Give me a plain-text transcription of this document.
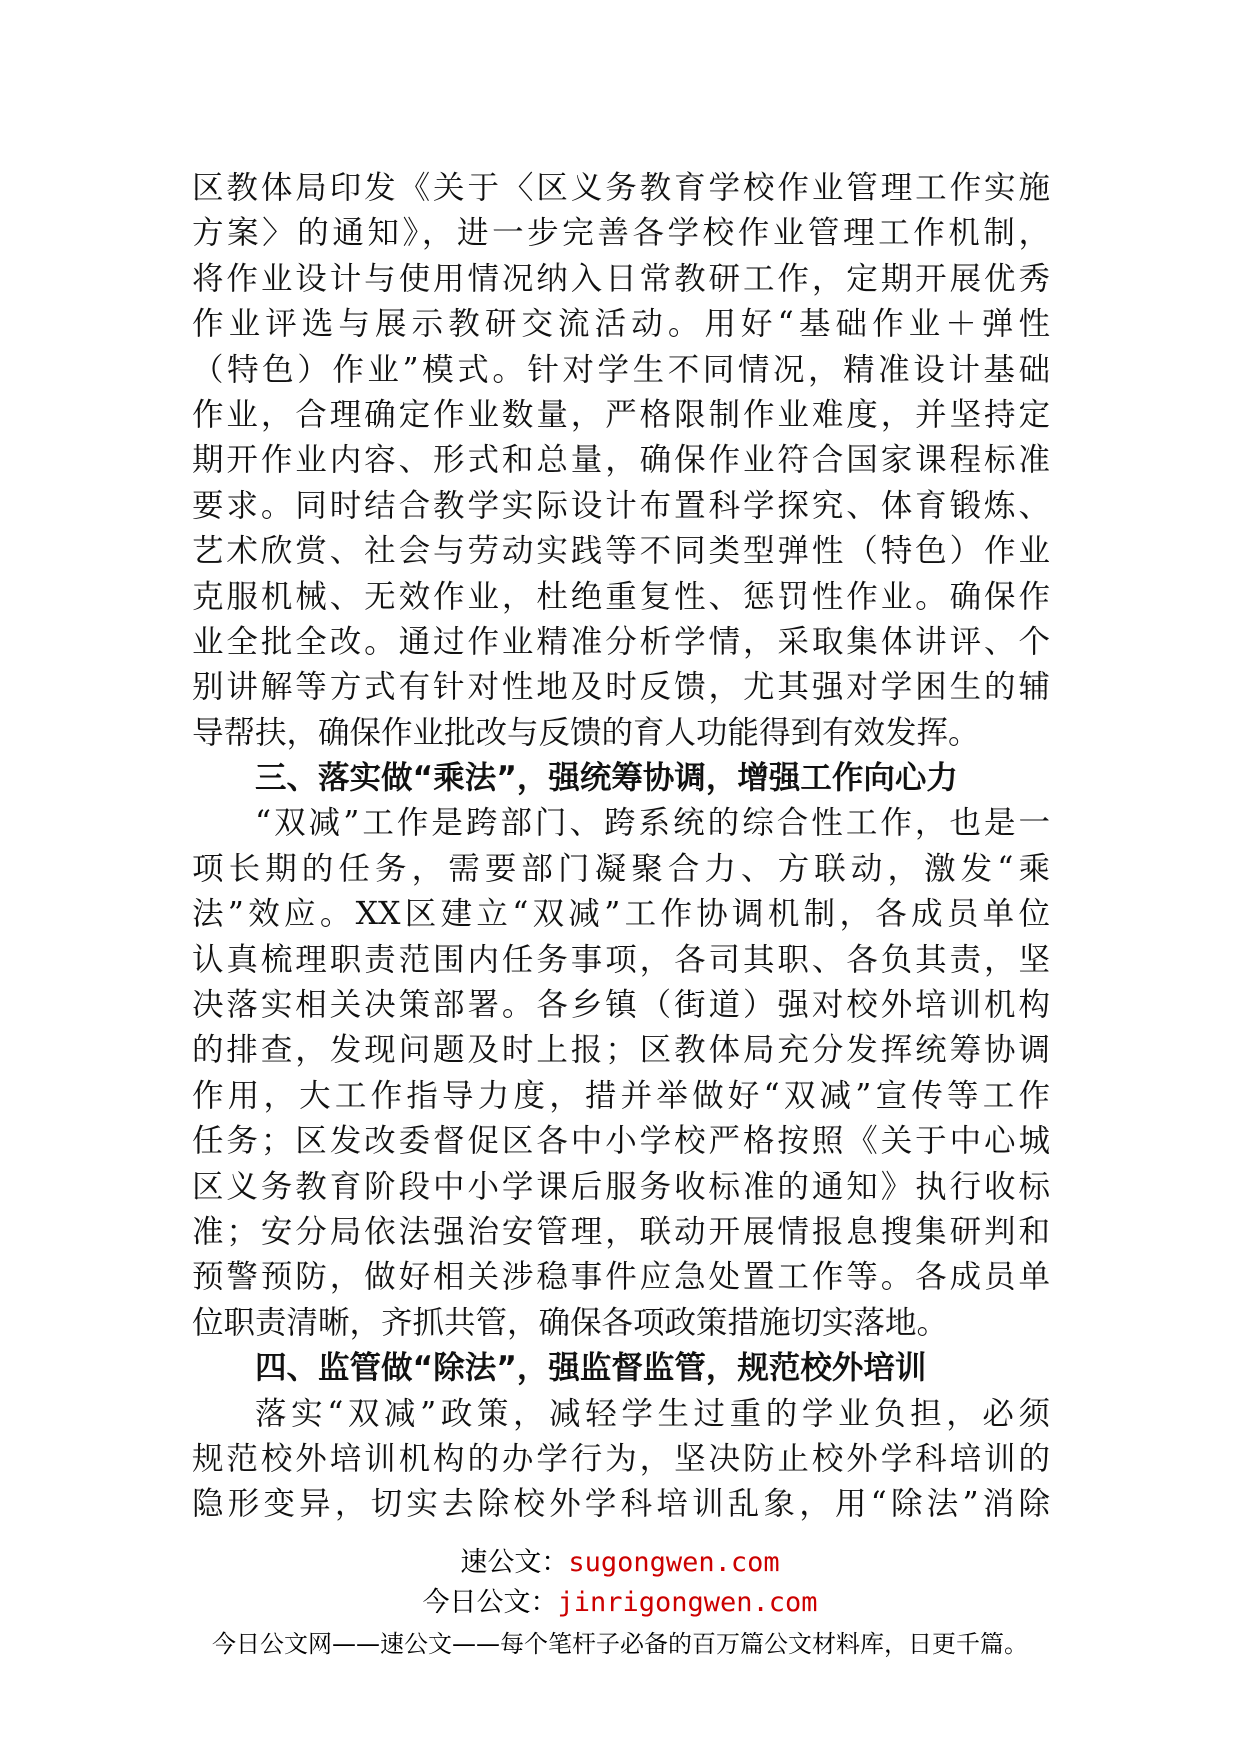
区教体局印发《关于〈区义务教育学校作业管理工作实施
方案〉的通知》，进一步完善各学校作业管理工作机制，
将作业设计与使用情况纳入日常教研工作，定期开展优秀
作业评选与展示教研交流活动。用好“基础作业＋弹性
（特色）作业”模式。针对学生不同情况，精准设计基础
作业，合理确定作业数量，严格限制作业难度，并坚持定
期开作业内容、形式和总量，确保作业符合国家课程标准
要求。同时结合教学实际设计布置科学探究、体育锻炼、
艺术欣赏、社会与劳动实践等不同类型弹性（特色）作业
克服机械、无效作业，杜绝重复性、惩罚性作业。确保作
业全批全改。通过作业精准分析学情，采取集体讲评、个
别讲解等方式有针对性地及时反馈，尤其强对学困生的辅
导帮扶，确保作业批改与反馈的育人功能得到有效发挥。
三、落实做“乘法”，强统筹协调，增强工作向心力
“双减”工作是跨部门、跨系统的综合性工作，也是一
项长期的任务，需要部门凝聚合力、方联动，激发“乘
法”效应。XX区建立“双减”工作协调机制，各成员单位
认真梳理职责范围内任务事项，各司其职、各负其责，坚
决落实相关决策部署。各乡镇（街道）强对校外培训机构
的排查，发现问题及时上报；区教体局充分发挥统筹协调
作用，大工作指导力度，措并举做好“双减”宣传等工作
任务；区发改委督促区各中小学校严格按照《关于中心城
区义务教育阶段中小学课后服务收标准的通知》执行收标
准；安分局依法强治安管理，联动开展情报息搜集研判和
预警预防，做好相关涉稳事件应急处置工作等。各成员单
位职责清晰，齐抓共管，确保各项政策措施切实落地。
四、监管做“除法”，强监督监管，规范校外培训
落实“双减”政策，减轻学生过重的学业负担，必须
规范校外培训机构的办学行为，坚决防止校外学科培训的
隐形变异，切实去除校外学科培训乱象，用“除法”消除
速公文：sugongwen.com
今日公文：jinrigongwen.com
今日公文网——速公文——每个笔杆子必备的百万篇公文材料库，日更千篇。
